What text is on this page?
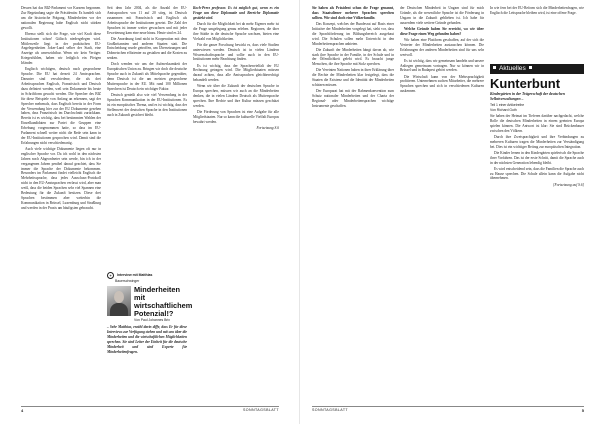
Dessen hat das BIZ-Parlament vor Kurzem begonnen. Zur Begründung sagte die Präsidentin: Es handelt sich um die historische Prägung, Minderheiten vor der nationalen Regierung habe Englisch nicht stärken gewollt.

Ebenso stellt sich die Frage, wie viel Kraft diese Institutionen schon! Gälisch niedergelegen wird. Mittlerweile liegt in der praktischen EU-Angelegenheiten Joker-Land selber der Stadt, eine Anzeige als unverzichtbar. Wenn wir kein Vertiger. Kriegesfühlen, haben wir lediglich ein Pfeigen Irländer.

Englisch wichtigen, deutsch nach gesprochene Sprache. Die EU hat derzeit 24 Amtssprachen. Darunter sind verschiedene, die als drei Arbeitssprachen Englisch, Französisch und Deutsch dazu definiert werden, weil sein Dokumente bis heute in Schriftform gesucht werden. Die Sprecher des BIZ für diese Beispiele von Anfang an erkennen, sagt der Sprecher mehrmals, dass Englisch bereits in der Form der Verwendung hier zur der EU Dokumente gesehen haben, dass Französisch im Durchschnitt zurückkam. Bereits ist es wichtig, dass bei bestimmten Wahlen der Einzelkandidaten zur Partei die Gruppen eine Erhebung vorgenommen hatte, so dass im EU-Parlament schnell weiter nicht die Rede sein kann in der EU-Institutionen gesprochen wird. Damit sind die Erfahrungen nicht verschiedenartig.

Auch viele wichtige Dokumente liegen oft nur in englischer Sprache vor. Da ich wohl in den nächsten Jahren noch Abgeordneter sein werde, bin ich in der vergangenen Jahren penibel darauf geachtet, dass Sie immer die Sprache der Dokumente bekommen. Besonders im Parlament findet vielleicht Englisch die Mehrheitssprache, dass jedes Ausschuss-Protokoll nicht in den EU-Amtssprachen verfasst wird, aber man weiß, dass die beiden Sprachen sehr viel Spannen eine Bedeutung für die Zukunft besitzen. Diese drei Sprachen bestimmen aber weiterhin die Kommunikation in Brüssel, Luxemburg und Straßburg und werden in der Praxis am häufigsten gebraucht.

Seit dem Jahr 2004, als die Anzahl der EU-Amtssprachen von 11 auf 20 stieg, ist Deutsch zusammen mit Französisch und Englisch als Arbeitssprache der Institutionen gesetzt. Die Zahl der Sprachen ist immer weiter gewachsen und mit jeder Erweiterung kam eine neue hinzu. Heute sind es 24.

Die Anordnung fand nicht in Kooperation mit dem Großbritannien und anderen Staaten statt. Die Entscheidung wurde getroffen, um Übersetzungen und Dolmetschen effizienter zu gestalten und die Kosten zu senken.

Doch wenden wir uns der Aufmerksamkeit der Europäischen Union zu. Bringen wir doch die deutsche Sprache auch in Zukunft als Mittelsprache gegenüber, denn Deutsch ist die am meisten gesprochene Muttersprache in der EU. Mit rund 100 Millionen Sprechern ist Deutsch ein wichtiger Faktor.

Deutsch genießt also wie viel Verwendung in der Sprachen Kommunikation in der EU-Institutionen. Es ist ein europäisches Thema, und es ist wichtig, dass der Stellenwert der deutschen Sprache in den Institutionen auch in Zukunft gesichert bleibt.

+	Interview mit Matthias
Bauerschwinger
Minderheiten mit wirtschaftlichem Potenzial!?
Von Paul Johannes Brix
– Sehr Matthias, erzähl darin diffe, dass Er für diese Interviews zur Verfügung stehen und mit uns über die Minderheiten und die wirtschaftlichen Möglichkeiten sprechen. Sie sind Leiter der Einheit für die deutsche Minderheit und sind Experte für Minderheitenfragen.

Koch-Prerz professor. Es ist möglich gut, wenn es ein Frage um diese Diplomatie und Bereiche Diplomatie gestärkt wird.

Durch für die Möglichkeit bei ab mehr Eigenes mehr ist die Frage umgelegung genau erleben. Regionen, die über ihre Städte in die deutsche Sprache wachsen, bieten eine Vielzahl von Möglichkeiten.

Für die ganze Forschung bewirkt es, dass viele Studien unterwiesen werden. Deutsch ist in vielen Ländern Wissenschaftssprache und sollte auch in den EU-Institutionen mehr Beachtung finden.

Es ist wichtig, dass der Sprachenvielfalt der EU Rechnung getragen wird. Die Mitgliedstaaten müssen darauf achten, dass alle Amtssprachen gleichberechtigt behandelt werden.

Wenn wir über die Zukunft der deutschen Sprache in Europa sprechen, müssen wir auch an die Minderheiten denken, die in vielen Ländern Deutsch als Muttersprache sprechen. Ihre Rechte und ihre Kultur müssen geschützt werden.

Die Förderung von Sprachen ist eine Aufgabe für alle Mitgliedstaaten. Nur so kann die kulturelle Vielfalt Europas bewahrt werden.

Fortsetzung S.6

4	SONNTAGSBLATT

Sie haben als Präsident schon die Frage genannt, dass Staatsdiener mehrere Sprachen sprechen sollten. Wir sind doch eine Völkerfamilie.

Das Konzept, welches der Bundesrat auf Basis einer Initiative der Minderheiten vorgelegt hat, sieht vor, dass die Sprachförderung im Bildungsbereich ausgebaut wird. Die Schulen sollen mehr Unterricht in den Minderheitensprachen anbieten.

Die Zukunft der Minderheiten hängt davon ab, wie stark ihre Sprache in der Familie, in der Schule und in der Öffentlichkeit gelebt wird. Es braucht junge Menschen, die ihre Sprache mit Stolz sprechen.

Die Vereinten Nationen haben in ihrer Erklärung über die Rechte der Minderheiten klar festgelegt, dass die Staaten die Existenz und die Identität der Minderheiten schützen müssen.

Der Europarat hat mit der Rahmenkonvention zum Schutz nationaler Minderheiten und der Charta der Regional- oder Minderheitensprachen wichtige Instrumente geschaffen.

der Deutschen Minderheit in Ungarn sind für mich Gründe, als die wesentliche Sprache ist die Förderung in Ungarn in die Zukunft geblieben ist. Ich habe für ausserdem viele weitere Gründe gefunden.

Welche Gründe haben Sie erreicht, wo wir über diese Frage einen Weg gefunden haben?

Wir haben eine Plattform geschaffen, auf der sich die Vertreter der Minderheiten austauschen können. Die Erfahrungen der anderen Minderheiten sind für uns sehr wertvoll.

Es ist wichtig, dass wir gemeinsam handeln und unsere Anliegen gemeinsam vortragen. Nur so können wir in Brüssel und in Budapest gehört werden.

Die Wirtschaft kann von der Mehrsprachigkeit profitieren. Unternehmen suchen Mitarbeiter, die mehrere Sprachen sprechen und sich in verschiedenen Kulturen auskennen.

In wie fern bei der EU-Reform sich die Minderheitenfragen, wie Englisch die Leitsprache bleiben wird, ist eine offene Frage.

Aktuelles
Kunterbunt
Kindergärten in der Trägerschaft der deutschen Selbstverwaltungen –
Teil 1 einer Artikelreihe
Von Richard Guth

Sie haben der Heimat im Tieferen darüber nachgedacht, welche Rolle die deutschen Minderheiten in einem geeinten Europa spielen können. Die Antwort ist klar: Sie sind Brückenbauer zwischen den Völkern.

Durch ihre Zweisprachigkeit und ihre Verbindungen zu mehreren Kulturen tragen die Minderheiten zur Verständigung bei. Dies ist ein wichtiger Beitrag zur europäischen Integration.

Die Kinder lernen in den Kindergärten spielerisch die Sprache ihrer Vorfahren. Das ist der erste Schritt, damit die Sprache auch in der nächsten Generation lebendig bleibt.

Es wird entscheidend sein, dass die Familien die Sprache auch zu Hause sprechen. Die Schule allein kann die Aufgabe nicht übernehmen.

[Fortsetzung auf S.6]

SONNTAGSBLATT	5
